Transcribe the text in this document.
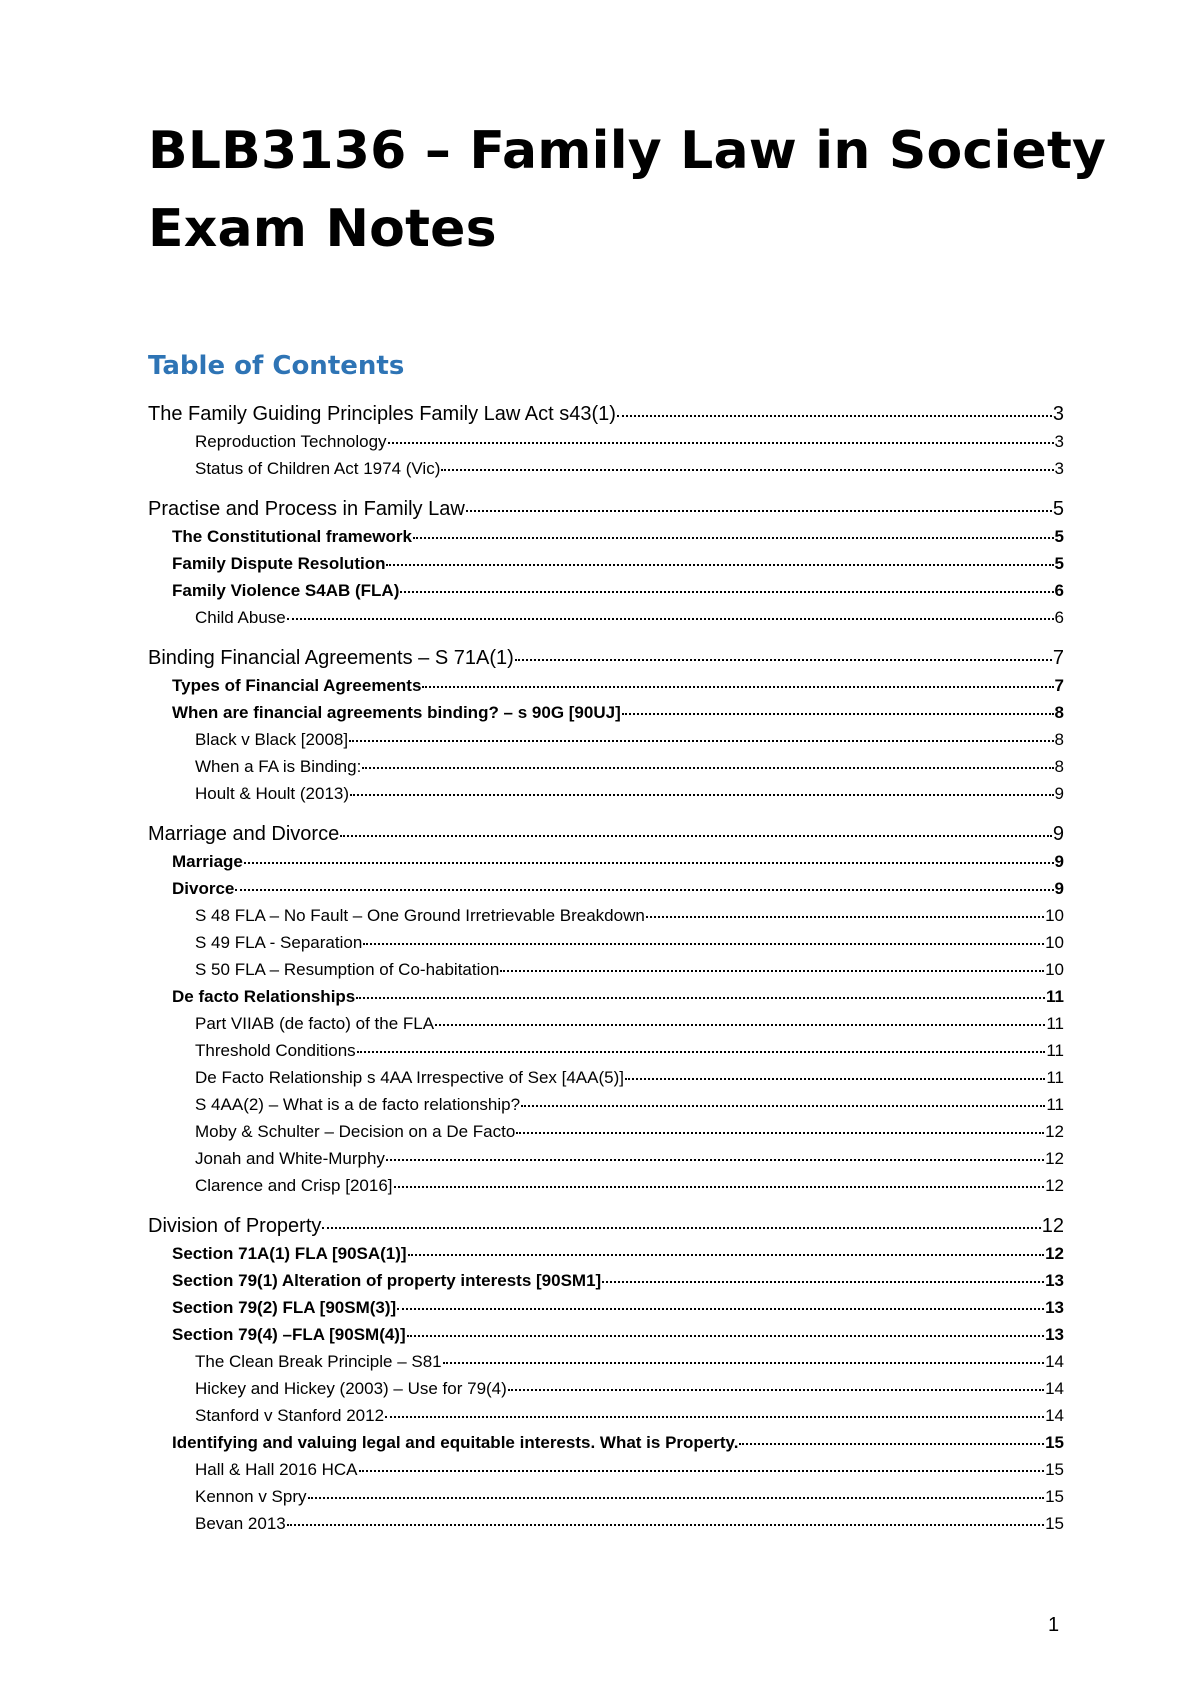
BLB3136 – Family Law in Society Exam Notes
Table of Contents
The Family Guiding Principles Family Law Act s43(1)	3
Reproduction Technology	3
Status of Children Act 1974 (Vic)	3
Practise and Process in Family Law	5
The Constitutional framework	5
Family Dispute Resolution	5
Family Violence S4AB (FLA)	6
Child Abuse	6
Binding Financial Agreements – S 71A(1)	7
Types of Financial Agreements	7
When are financial agreements binding? – s 90G [90UJ]	8
Black v Black [2008]	8
When a FA is Binding:	8
Hoult & Hoult (2013)	9
Marriage and Divorce	9
Marriage	9
Divorce	9
S 48 FLA – No Fault – One Ground Irretrievable Breakdown	10
S 49 FLA - Separation	10
S 50 FLA – Resumption of Co-habitation	10
De facto Relationships	11
Part VIIAB (de facto) of the FLA	11
Threshold Conditions	11
De Facto Relationship s 4AA Irrespective of Sex [4AA(5)]	11
S 4AA(2) – What is a de facto relationship?	11
Moby & Schulter – Decision on a De Facto	12
Jonah and White-Murphy	12
Clarence and Crisp [2016]	12
Division of Property	12
Section 71A(1) FLA [90SA(1)]	12
Section 79(1) Alteration of property interests [90SM1]	13
Section 79(2) FLA [90SM(3)]	13
Section 79(4) –FLA [90SM(4)]	13
The Clean Break Principle – S81	14
Hickey and Hickey (2003) – Use for 79(4)	14
Stanford v Stanford 2012	14
Identifying and valuing legal and equitable interests. What is Property.	15
Hall & Hall 2016 HCA	15
Kennon v Spry	15
Bevan 2013	15
1
